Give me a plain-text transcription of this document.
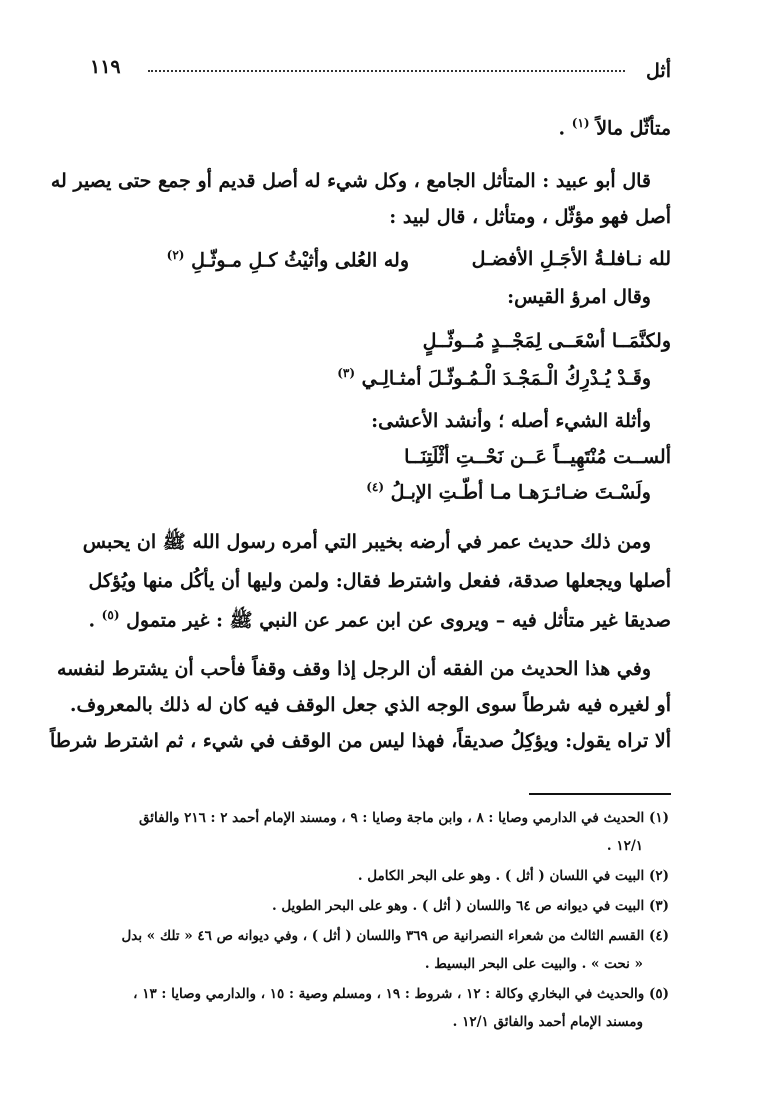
أثل
١١٩
متأثّل مالاً $^{(١)}$ .
قال أبو عبيد : المتأثل الجامع ، وكل شيء له أصل قديم أو جمع حتى يصير له
أصل فهو مؤثّل ، ومتأثل ، قال لبيد :
لله نـافلـةُ الأجَـلِ الأفضـل
وله العُلى وأثيْثُ كـلِ مـوثّـلِ $^{(٢)}$
وقال امرؤ القيس:
ولكنَّمَــا أسْعَــى لِمَجْــدٍ مُــوثّــلٍ
وقَـدْ يُـدْرِكُ الْـمَجْـدَ الْـمُـوثّـلَ أمثـالِـي $^{(٣)}$
وأثلة الشيء أصله ؛ وأنشد الأعشى:
ألســت مُنْتَهِيــاً عَــن نَحْــتِ أثْلَتِنَــا
ولَسْـتَ ضـائـرَهـا مـا أطّـتِ الإبـلُ $^{(٤)}$
ومن ذلك حديث عمر في أرضه بخيبر التي أمره رسول الله ﷺ ان يحبس
أصلها ويجعلها صدقة، ففعل واشترط فقال: ولمن وليها أن يأكُل منها ويُؤكل
صديقا غير متأثل فيه – ويروى عن ابن عمر عن النبي ﷺ : غير متمول $^{(٥)}$ .
وفي هذا الحديث من الفقه أن الرجل إذا وقف وقفاً فأحب أن يشترط لنفسه
أو لغيره فيه شرطاً سوى الوجه الذي جعل الوقف فيه كان له ذلك بالمعروف.
ألا تراه يقول: ويؤكِلُ صديقاً، فهذا ليس من الوقف في شيء ، ثم اشترط شرطاً
(١) الحديث في الدارمي وصايا : ٨ ، وابن ماجة وصايا : ٩ ، ومسند الإمام أحمد ٢ : ٢١٦ والفائق
١٢/١ .
(٢) البيت في اللسان ( أثل ) . وهو على البحر الكامل .
(٣) البيت في ديوانه ص ٦٤ واللسان ( أثل ) . وهو على البحر الطويل .
(٤) القسم الثالث من شعراء النصرانية ص ٣٦٩ واللسان ( أثل ) ، وفي ديوانه ص ٤٦ « تلك » بدل
« نحت » . والبيت على البحر البسيط .
(٥) والحديث في البخاري وكالة : ١٢ ، شروط : ١٩ ، ومسلم وصية : ١٥ ، والدارمي وصايا : ١٣ ،
ومسند الإمام أحمد والفائق ١٢/١ .
